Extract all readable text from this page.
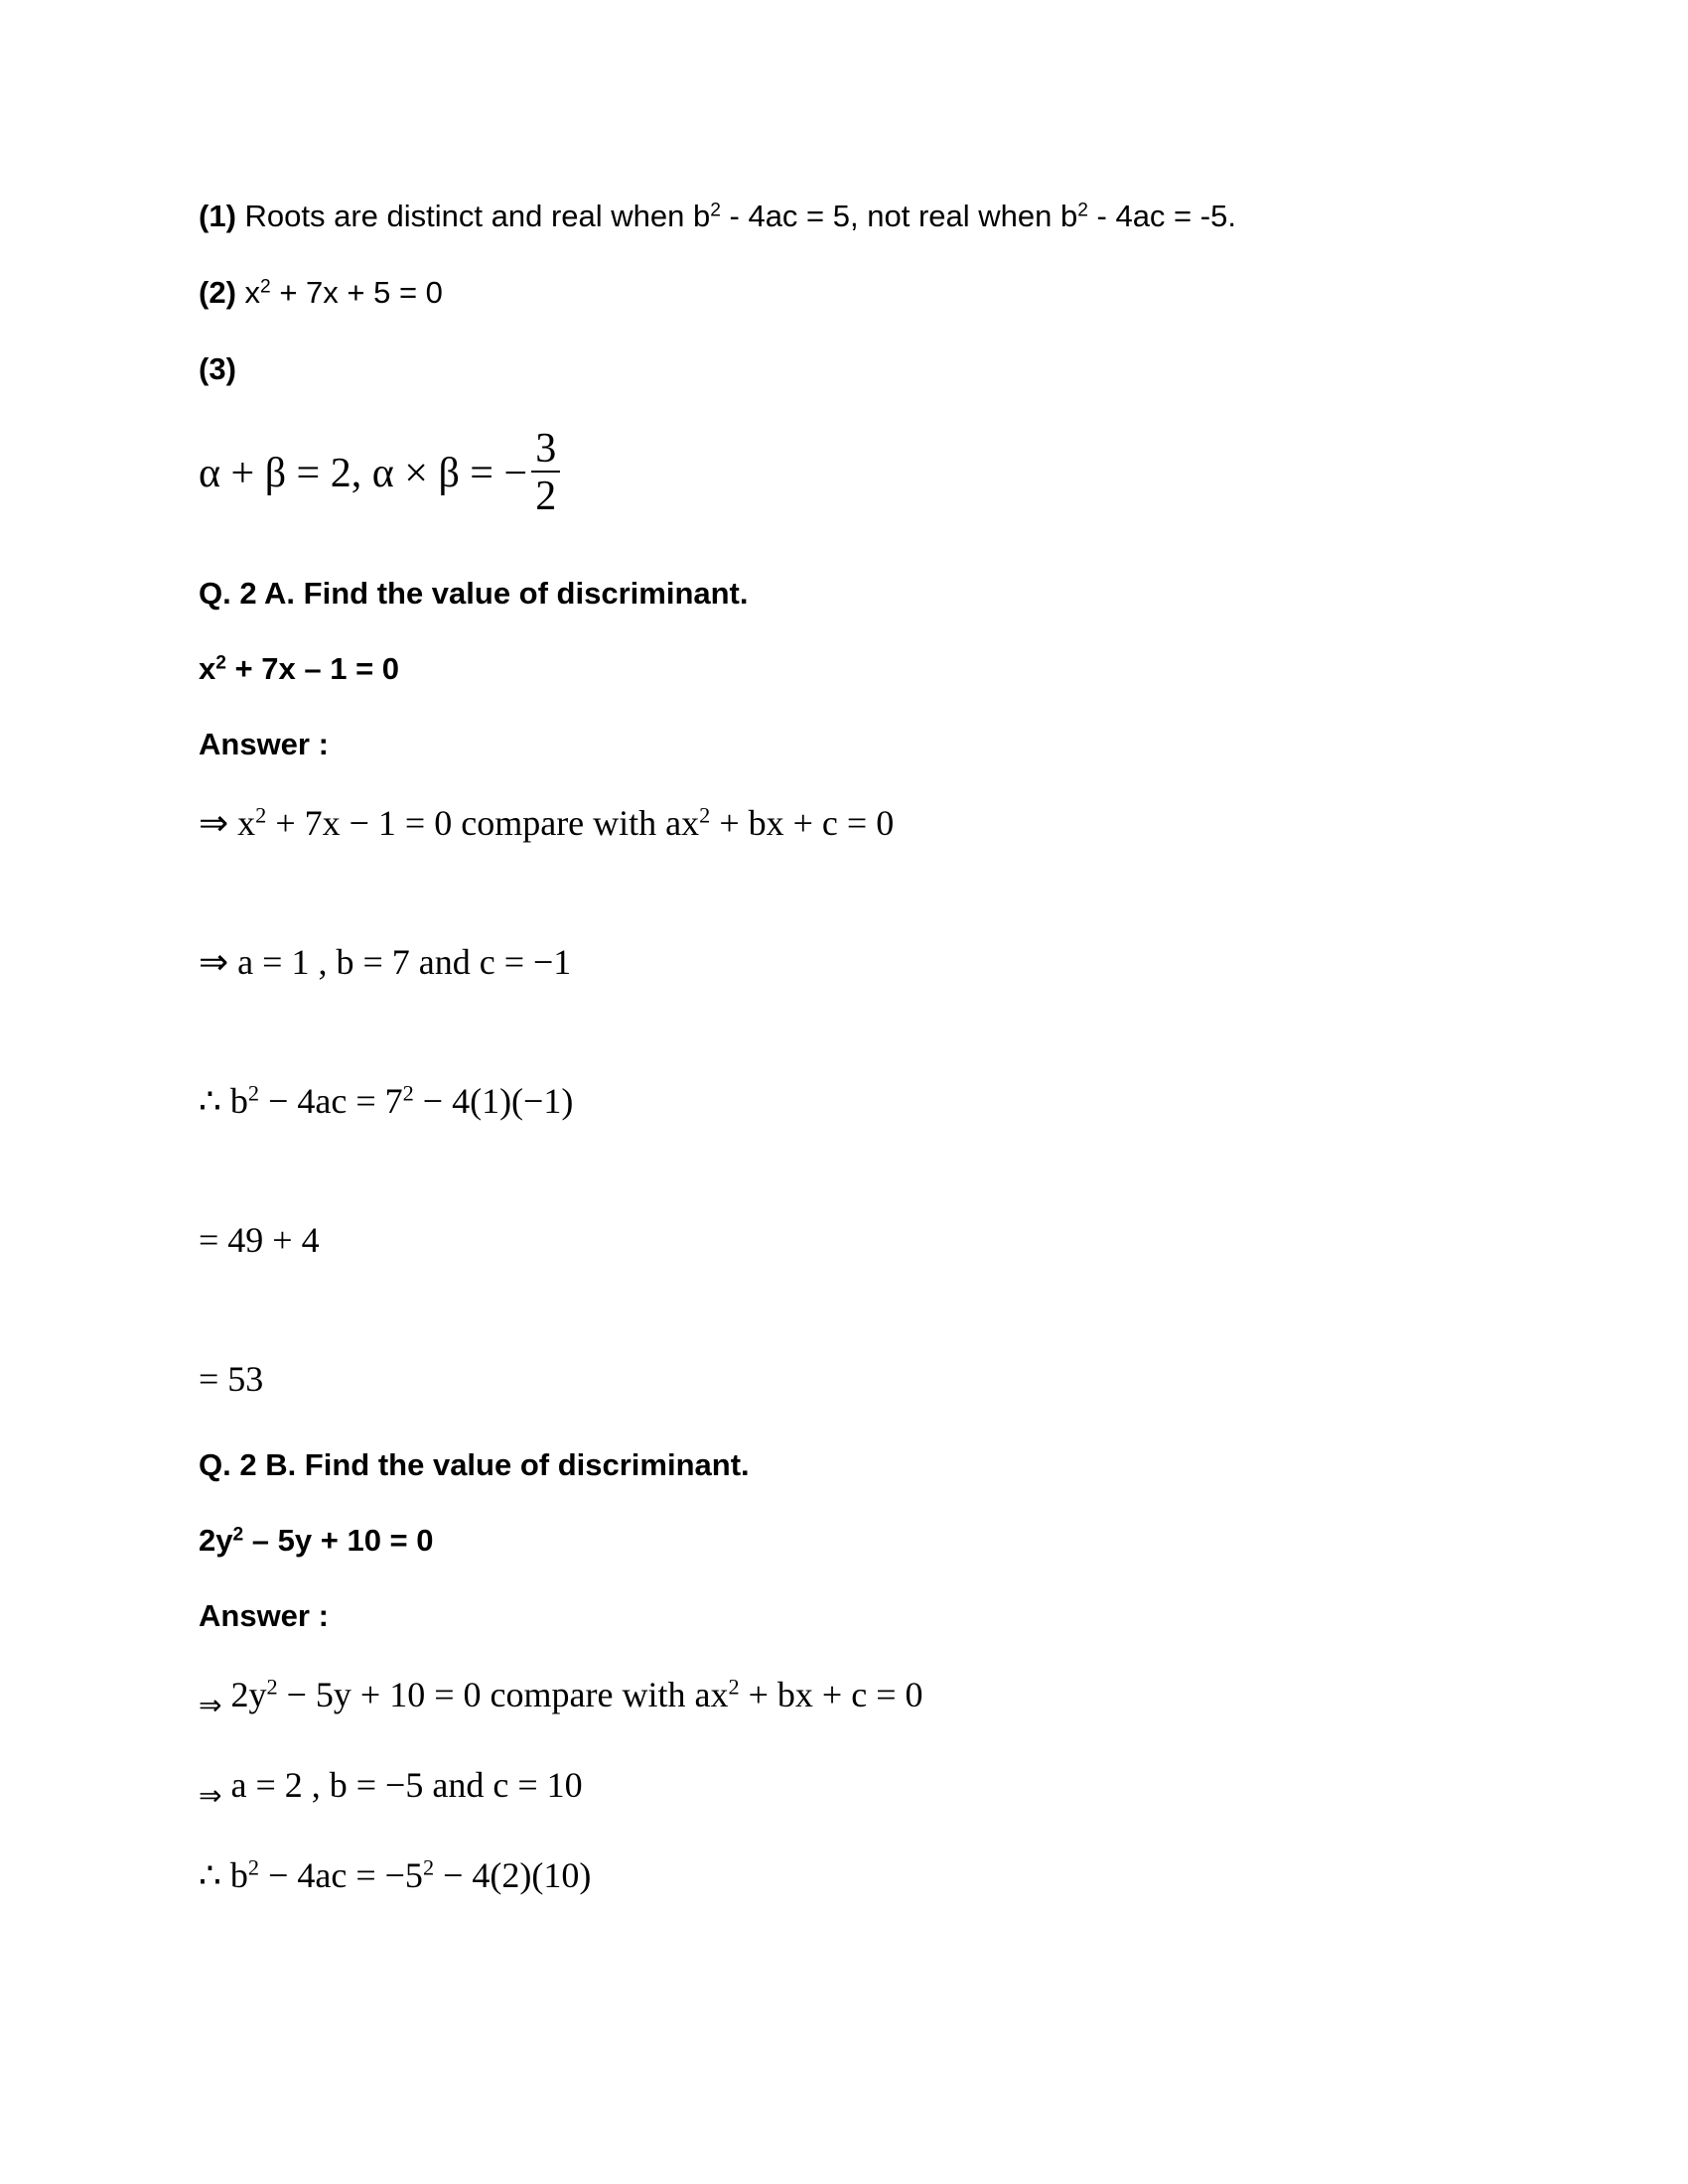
(1) Roots are distinct and real when $b^2 - 4ac = 5$, not real when $b^2 - 4ac = -5$.
(2) $x^2 + 7x + 5 = 0$
(3)
α + β = 2, α × β = − $\frac{3}{2}$
Q. 2 A. Find the value of discriminant.
$x^2 + 7x - 1 = 0$
Answer :
⇒ $x^2 + 7x - 1 = 0$ compare with $ax^2$ + bx + c = 0
⇒ a = 1 , b = 7 and c = −1
∴ $b^2 - 4ac = 7^2 - 4(1)(-1)$
= 49 + 4
= 53
Q. 2 B. Find the value of discriminant.
$2y^2 - 5y + 10 = 0$
Answer :
$_\Rightarrow$ $2y^2 - 5y + 10 = 0$ compare with $ax^2$ + bx + c = 0
$_\Rightarrow$ a = 2 , b = −5 and c = 10
∴ $b^2 - 4ac = -5^2 - 4(2)(10)$
